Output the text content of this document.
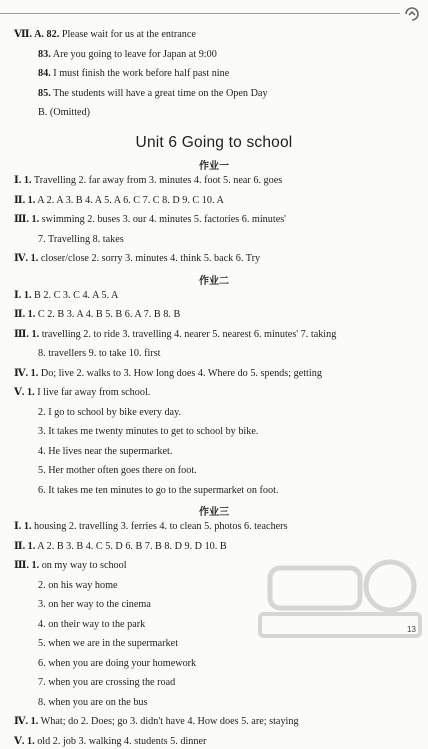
Ⅶ. A. 82. Please wait for us at the entrance
83. Are you going to leave for Japan at 9:00
84. I must finish the work before half past nine
85. The students will have a great time on the Open Day
B. (Omitted)
Unit 6 Going to school
作业一
Ⅰ. 1. Travelling 2. far away from 3. minutes 4. foot 5. near 6. goes
Ⅱ. 1. A 2. A 3. B 4. A 5. A 6. C 7. C 8. D 9. C 10. A
Ⅲ. 1. swimming 2. buses 3. our 4. minutes 5. factories 6. minutes'
7. Travelling 8. takes
Ⅳ. 1. closer/close 2. sorry 3. minutes 4. think 5. back 6. Try
作业二
Ⅰ. 1. B 2. C 3. C 4. A 5. A
Ⅱ. 1. C 2. B 3. A 4. B 5. B 6. A 7. B 8. B
Ⅲ. 1. travelling 2. to ride 3. travelling 4. nearer 5. nearest 6. minutes' 7. taking
8. travellers 9. to take 10. first
Ⅳ. 1. Do; live 2. walks to 3. How long does 4. Where do 5. spends; getting
Ⅴ. 1. I live far away from school.
2. I go to school by bike every day.
3. It takes me twenty minutes to get to school by bike.
4. He lives near the supermarket.
5. Her mother often goes there on foot.
6. It takes me ten minutes to go to the supermarket on foot.
作业三
Ⅰ. 1. housing 2. travelling 3. ferries 4. to clean 5. photos 6. teachers
Ⅱ. 1. A 2. B 3. B 4. C 5. D 6. B 7. B 8. D 9. D 10. B
Ⅲ. 1. on my way to school
2. on his way home
3. on her way to the cinema
4. on their way to the park
5. when we are in the supermarket
6. when you are doing your homework
7. when you are crossing the road
8. when you are on the bus
Ⅳ. 1. What; do 2. Does; go 3. didn't have 4. How does 5. are; staying
Ⅴ. 1. old 2. job 3. walking 4. students 5. dinner
13
